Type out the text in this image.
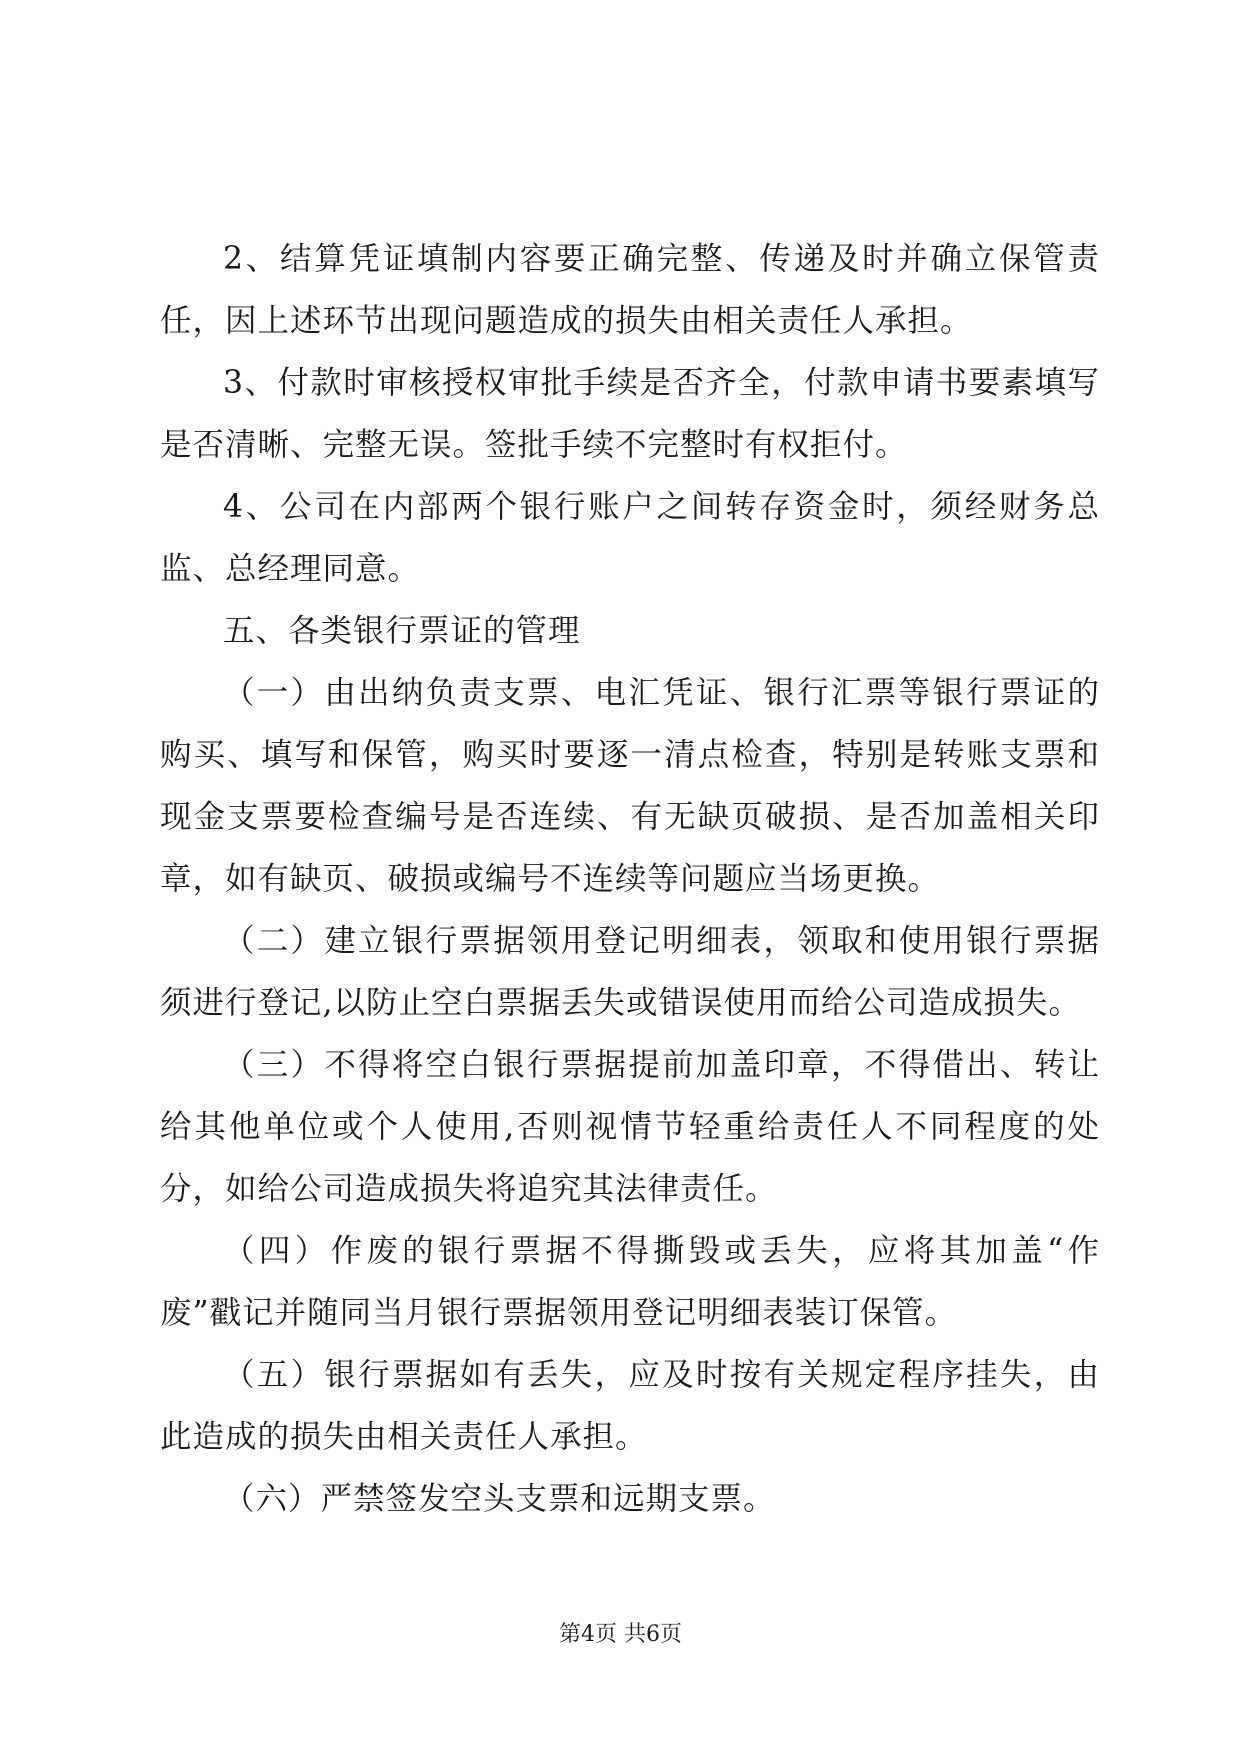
2、结算凭证填制内容要正确完整、传递及时并确立保管责任，因上述环节出现问题造成的损失由相关责任人承担。

3、付款时审核授权审批手续是否齐全，付款申请书要素填写是否清晰、完整无误。签批手续不完整时有权拒付。

4、公司在内部两个银行账户之间转存资金时，须经财务总监、总经理同意。

五、各类银行票证的管理

（一）由出纳负责支票、电汇凭证、银行汇票等银行票证的购买、填写和保管，购买时要逐一清点检查，特别是转账支票和现金支票要检查编号是否连续、有无缺页破损、是否加盖相关印章，如有缺页、破损或编号不连续等问题应当场更换。

（二）建立银行票据领用登记明细表，领取和使用银行票据须进行登记,以防止空白票据丢失或错误使用而给公司造成损失。

（三）不得将空白银行票据提前加盖印章，不得借出、转让给其他单位或个人使用,否则视情节轻重给责任人不同程度的处分，如给公司造成损失将追究其法律责任。

（四）作废的银行票据不得撕毁或丢失，应将其加盖“作废”戳记并随同当月银行票据领用登记明细表装订保管。

（五）银行票据如有丢失，应及时按有关规定程序挂失，由此造成的损失由相关责任人承担。

（六）严禁签发空头支票和远期支票。

第4页 共6页
